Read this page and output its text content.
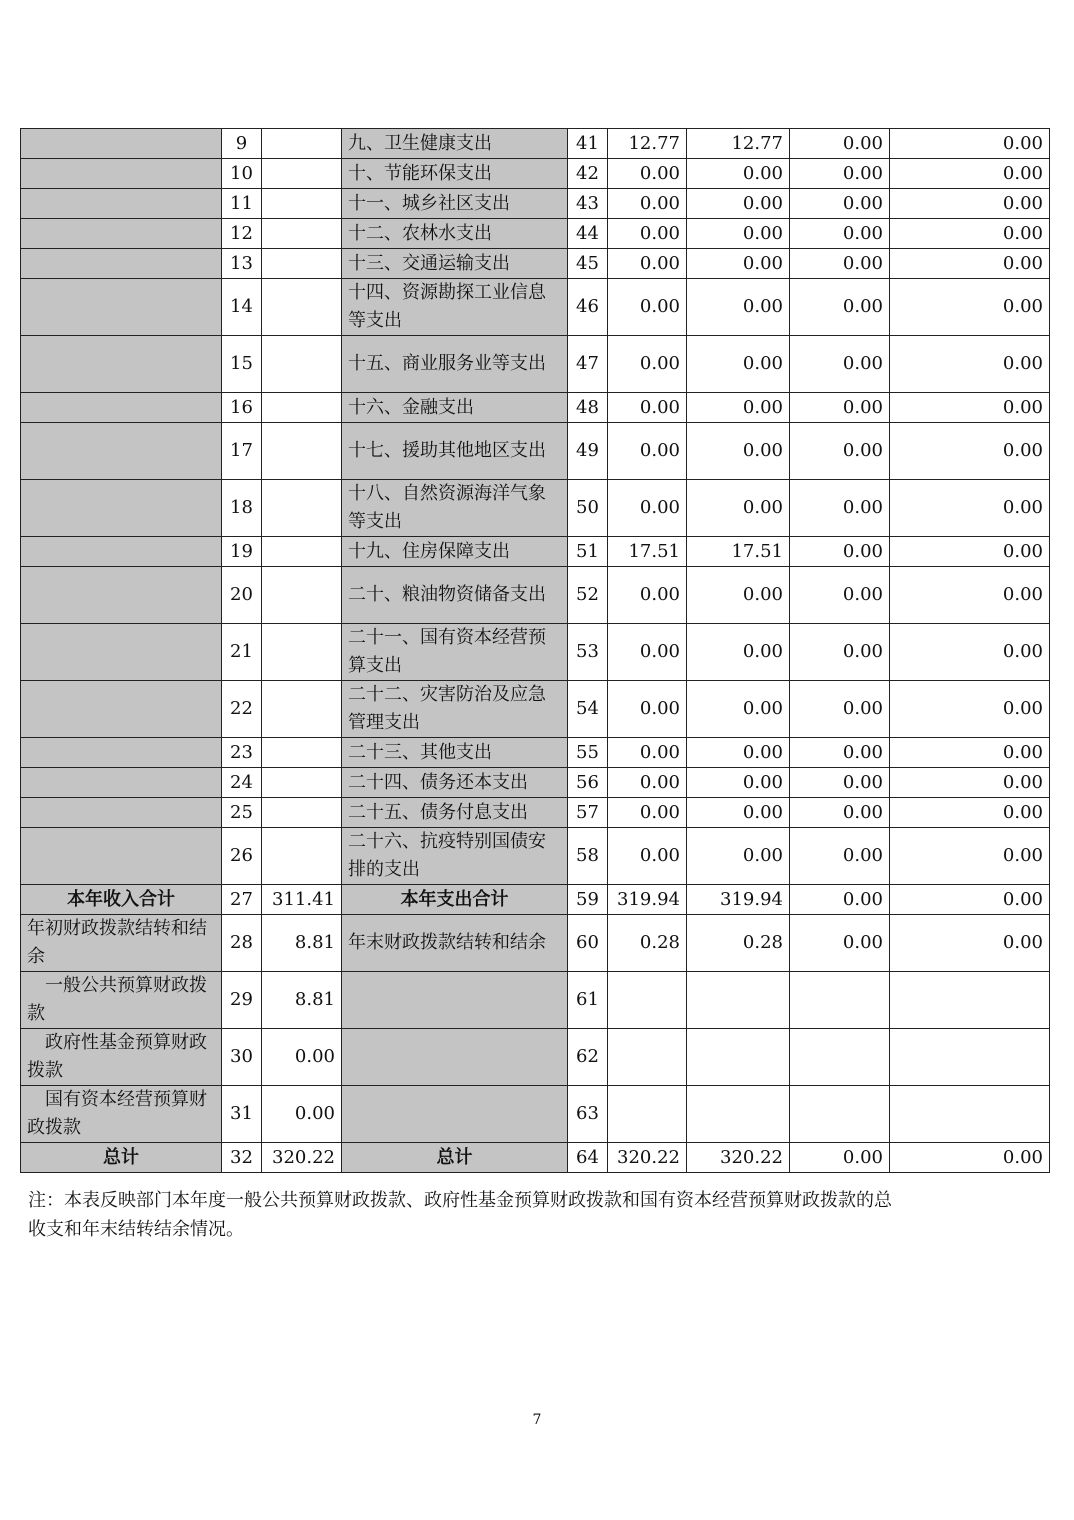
	9		九、卫生健康支出	41	12.77	12.77	0.00	0.00
	10		十、节能环保支出	42	0.00	0.00	0.00	0.00
	11		十一、城乡社区支出	43	0.00	0.00	0.00	0.00
	12		十二、农林水支出	44	0.00	0.00	0.00	0.00
	13		十三、交通运输支出	45	0.00	0.00	0.00	0.00
	14		十四、资源勘探工业信息等支出	46	0.00	0.00	0.00	0.00
	15		十五、商业服务业等支出	47	0.00	0.00	0.00	0.00
	16		十六、金融支出	48	0.00	0.00	0.00	0.00
	17		十七、援助其他地区支出	49	0.00	0.00	0.00	0.00
	18		十八、自然资源海洋气象等支出	50	0.00	0.00	0.00	0.00
	19		十九、住房保障支出	51	17.51	17.51	0.00	0.00
	20		二十、粮油物资储备支出	52	0.00	0.00	0.00	0.00
	21		二十一、国有资本经营预算支出	53	0.00	0.00	0.00	0.00
	22		二十二、灾害防治及应急管理支出	54	0.00	0.00	0.00	0.00
	23		二十三、其他支出	55	0.00	0.00	0.00	0.00
	24		二十四、债务还本支出	56	0.00	0.00	0.00	0.00
	25		二十五、债务付息支出	57	0.00	0.00	0.00	0.00
	26		二十六、抗疫特别国债安排的支出	58	0.00	0.00	0.00	0.00
本年收入合计	27	311.41	本年支出合计	59	319.94	319.94	0.00	0.00
年初财政拨款结转和结余	28	8.81	年末财政拨款结转和结余	60	0.28	0.28	0.00	0.00
　一般公共预算财政拨款	29	8.81		61				
　政府性基金预算财政拨款	30	0.00		62				
　国有资本经营预算财政拨款	31	0.00		63				
总计	32	320.22	总计	64	320.22	320.22	0.00	0.00
注：本表反映部门本年度一般公共预算财政拨款、政府性基金预算财政拨款和国有资本经营预算财政拨款的总收支和年末结转结余情况。
7
